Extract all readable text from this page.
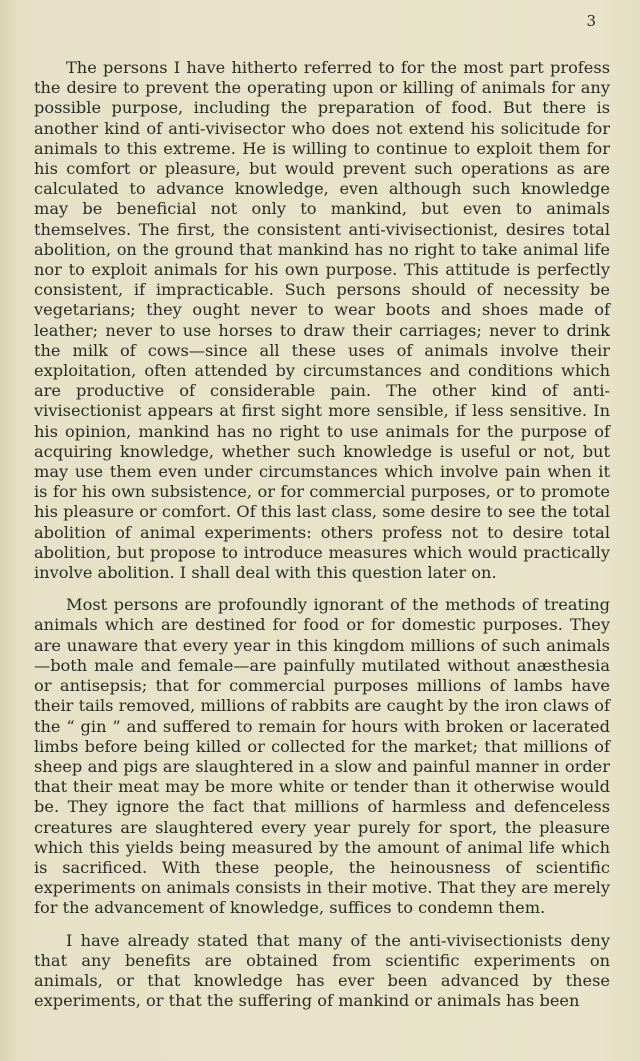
3

The persons I have hitherto referred to for the most part profess the desire to prevent the operating upon or killing of animals for any possible purpose, including the preparation of food. But there is another kind of anti-vivisector who does not extend his solicitude for animals to this extreme. He is willing to continue to exploit them for his comfort or pleasure, but would prevent such operations as are calculated to advance knowledge, even although such knowledge may be beneficial not only to mankind, but even to animals themselves. The first, the consistent anti-vivisectionist, desires total abolition, on the ground that mankind has no right to take animal life nor to exploit animals for his own purpose. This attitude is perfectly consistent, if impracticable. Such persons should of necessity be vegetarians; they ought never to wear boots and shoes made of leather; never to use horses to draw their carriages; never to drink the milk of cows—since all these uses of animals involve their exploitation, often attended by circumstances and conditions which are productive of considerable pain. The other kind of anti-vivisectionist appears at first sight more sensible, if less sensitive. In his opinion, mankind has no right to use animals for the purpose of acquiring knowledge, whether such knowledge is useful or not, but may use them even under circumstances which involve pain when it is for his own subsistence, or for commercial purposes, or to promote his pleasure or comfort. Of this last class, some desire to see the total abolition of animal experiments: others profess not to desire total abolition, but propose to introduce measures which would practically involve abolition. I shall deal with this question later on.

Most persons are profoundly ignorant of the methods of treating animals which are destined for food or for domestic purposes. They are unaware that every year in this kingdom millions of such animals—both male and female—are painfully mutilated without anæsthesia or antisepsis; that for commercial purposes millions of lambs have their tails removed, millions of rabbits are caught by the iron claws of the “ gin ” and suffered to remain for hours with broken or lacerated limbs before being killed or collected for the market; that millions of sheep and pigs are slaughtered in a slow and painful manner in order that their meat may be more white or tender than it otherwise would be. They ignore the fact that millions of harmless and defenceless creatures are slaughtered every year purely for sport, the pleasure which this yields being measured by the amount of animal life which is sacrificed. With these people, the heinousness of scientific experiments on animals consists in their motive. That they are merely for the advancement of knowledge, suffices to condemn them.

I have already stated that many of the anti-vivisectionists deny that any benefits are obtained from scientific experiments on animals, or that knowledge has ever been advanced by these experiments, or that the suffering of mankind or animals has been
